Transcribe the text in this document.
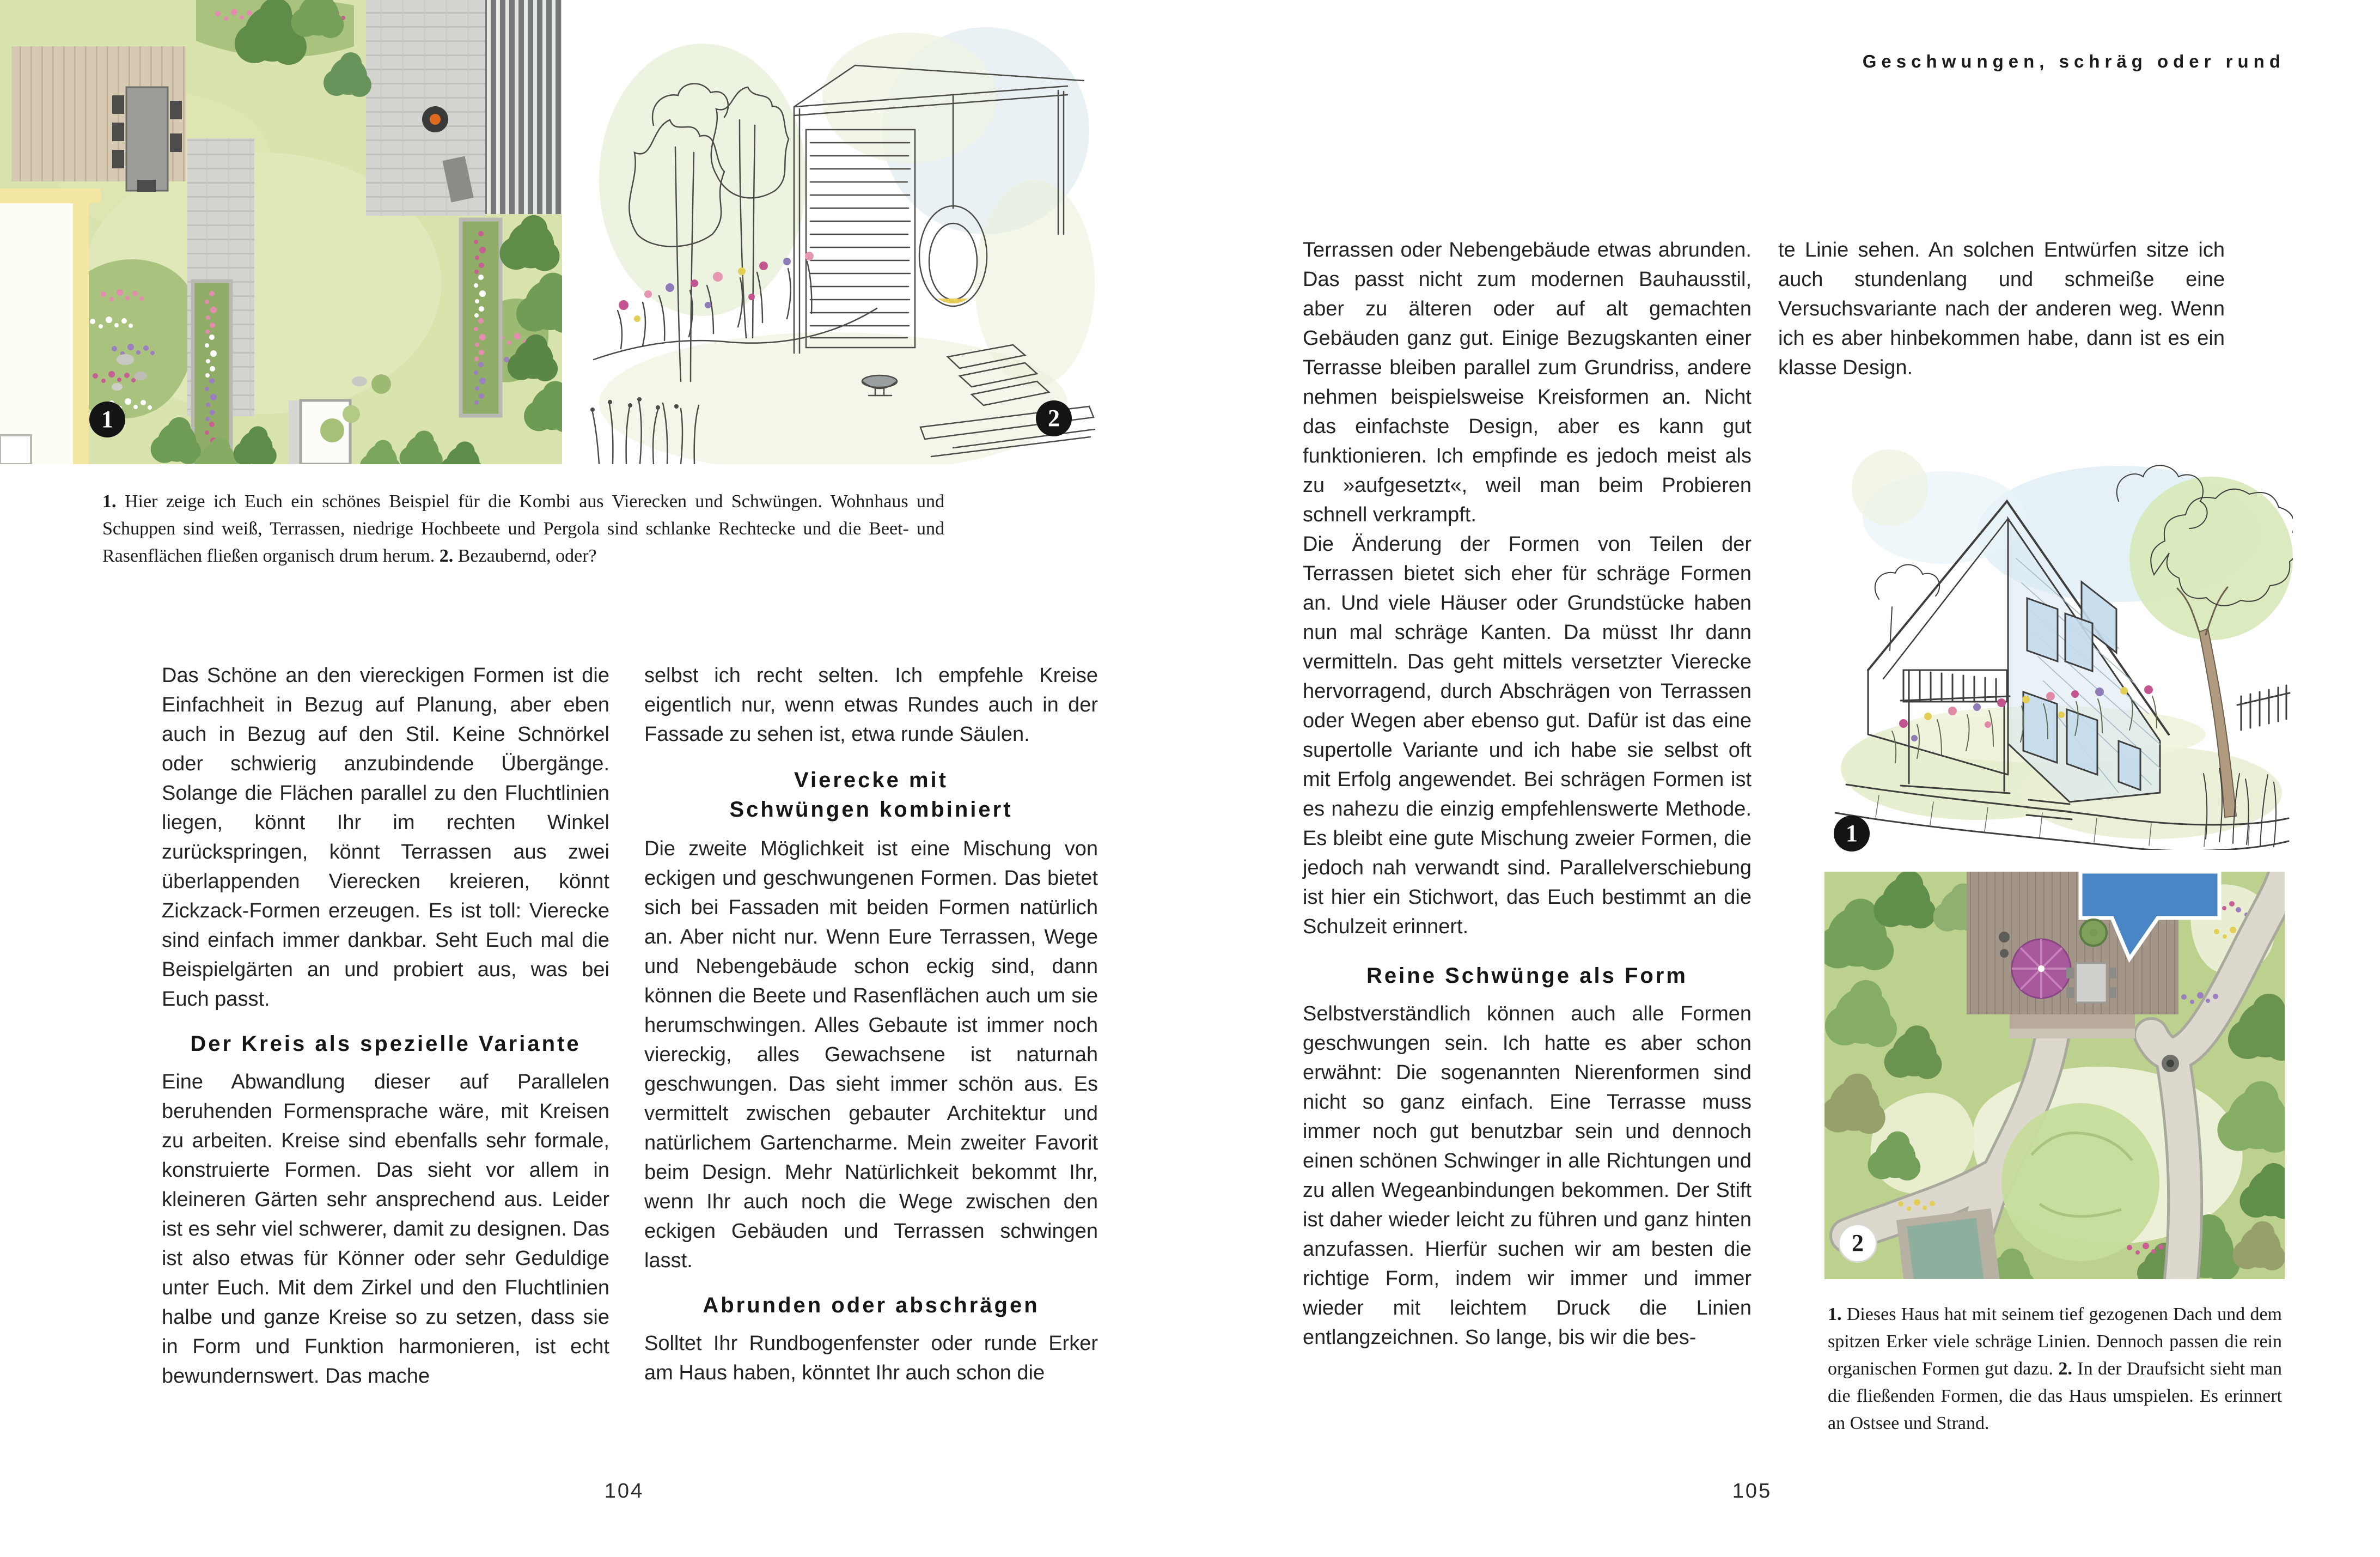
1	2

1. Hier zeige ich Euch ein schönes Beispiel für die Kombi aus Vierecken und Schwüngen. Wohnhaus und Schuppen sind weiß, Terrassen, niedrige Hochbeete und Pergola sind schlanke Rechtecke und die Beet- und Rasenflächen fließen organisch drum herum. 2. Bezaubernd, oder?

Das Schöne an den viereckigen Formen ist die Einfachheit in Bezug auf Planung, aber eben auch in Bezug auf den Stil. Keine Schnörkel oder schwierig anzubindende Übergänge. Solange die Flächen parallel zu den Fluchtlinien liegen, könnt Ihr im rechten Winkel zurückspringen, könnt Terrassen aus zwei überlappenden Vierecken kreieren, könnt Zickzack-Formen erzeugen. Es ist toll: Vierecke sind einfach immer dankbar. Seht Euch mal die Beispielgärten an und probiert aus, was bei Euch passt.

Der Kreis als spezielle Variante

Eine Abwandlung dieser auf Parallelen beruhenden Formensprache wäre, mit Kreisen zu arbeiten. Kreise sind ebenfalls sehr formale, konstruierte Formen. Das sieht vor allem in kleineren Gärten sehr ansprechend aus. Leider ist es sehr viel schwerer, damit zu designen. Das ist also etwas für Könner oder sehr Geduldige unter Euch. Mit dem Zirkel und den Fluchtlinien halbe und ganze Kreise so zu setzen, dass sie in Form und Funktion harmonieren, ist echt bewundernswert. Das mache

selbst ich recht selten. Ich empfehle Kreise eigentlich nur, wenn etwas Rundes auch in der Fassade zu sehen ist, etwa runde Säulen.

Vierecke mit
Schwüngen kombiniert

Die zweite Möglichkeit ist eine Mischung von eckigen und geschwungenen Formen. Das bietet sich bei Fassaden mit beiden Formen natürlich an. Aber nicht nur. Wenn Eure Terrassen, Wege und Nebengebäude schon eckig sind, dann können die Beete und Rasenflächen auch um sie herumschwingen. Alles Gebaute ist immer noch viereckig, alles Gewachsene ist naturnah geschwungen. Das sieht immer schön aus. Es vermittelt zwischen gebauter Architektur und natürlichem Gartencharme. Mein zweiter Favorit beim Design. Mehr Natürlichkeit bekommt Ihr, wenn Ihr auch noch die Wege zwischen den eckigen Gebäuden und Terrassen schwingen lasst.

Abrunden oder abschrägen

Solltet Ihr Rundbogenfenster oder runde Erker am Haus haben, könntet Ihr auch schon die

104
Geschwungen, schräg oder rund

Terrassen oder Nebengebäude etwas abrunden. Das passt nicht zum modernen Bauhausstil, aber zu älteren oder auf alt gemachten Gebäuden ganz gut. Einige Bezugskanten einer Terrasse bleiben parallel zum Grundriss, andere nehmen beispielsweise Kreisformen an. Nicht das einfachste Design, aber es kann gut funktionieren. Ich empfinde es jedoch meist als zu »aufgesetzt«, weil man beim Probieren schnell verkrampft.

Die Änderung der Formen von Teilen der Terrassen bietet sich eher für schräge Formen an. Und viele Häuser oder Grundstücke haben nun mal schräge Kanten. Da müsst Ihr dann vermitteln. Das geht mittels versetzter Vierecke hervorragend, durch Abschrägen von Terrassen oder Wegen aber ebenso gut. Dafür ist das eine supertolle Variante und ich habe sie selbst oft mit Erfolg angewendet. Bei schrägen Formen ist es nahezu die einzig empfehlenswerte Methode. Es bleibt eine gute Mischung zweier Formen, die jedoch nah verwandt sind. Parallelverschiebung ist hier ein Stichwort, das Euch bestimmt an die Schulzeit erinnert.

Reine Schwünge als Form

Selbstverständlich können auch alle Formen geschwungen sein. Ich hatte es aber schon erwähnt: Die sogenannten Nierenformen sind nicht so ganz einfach. Eine Terrasse muss immer noch gut benutzbar sein und dennoch einen schönen Schwinger in alle Richtungen und zu allen Wegeanbindungen bekommen. Der Stift ist daher wieder leicht zu führen und ganz hinten anzufassen. Hierfür suchen wir am besten die richtige Form, indem wir immer und immer wieder mit leichtem Druck die Linien entlangzeichnen. So lange, bis wir die bes-

te Linie sehen. An solchen Entwürfen sitze ich auch stundenlang und schmeiße eine Versuchsvariante nach der anderen weg. Wenn ich es aber hinbekommen habe, dann ist es ein klasse Design.

1
2

1. Dieses Haus hat mit seinem tief gezogenen Dach und dem spitzen Erker viele schräge Linien. Dennoch passen die rein organischen Formen gut dazu. 2. In der Draufsicht sieht man die fließenden Formen, die das Haus umspielen. Es erinnert an Ostsee und Strand.

105
